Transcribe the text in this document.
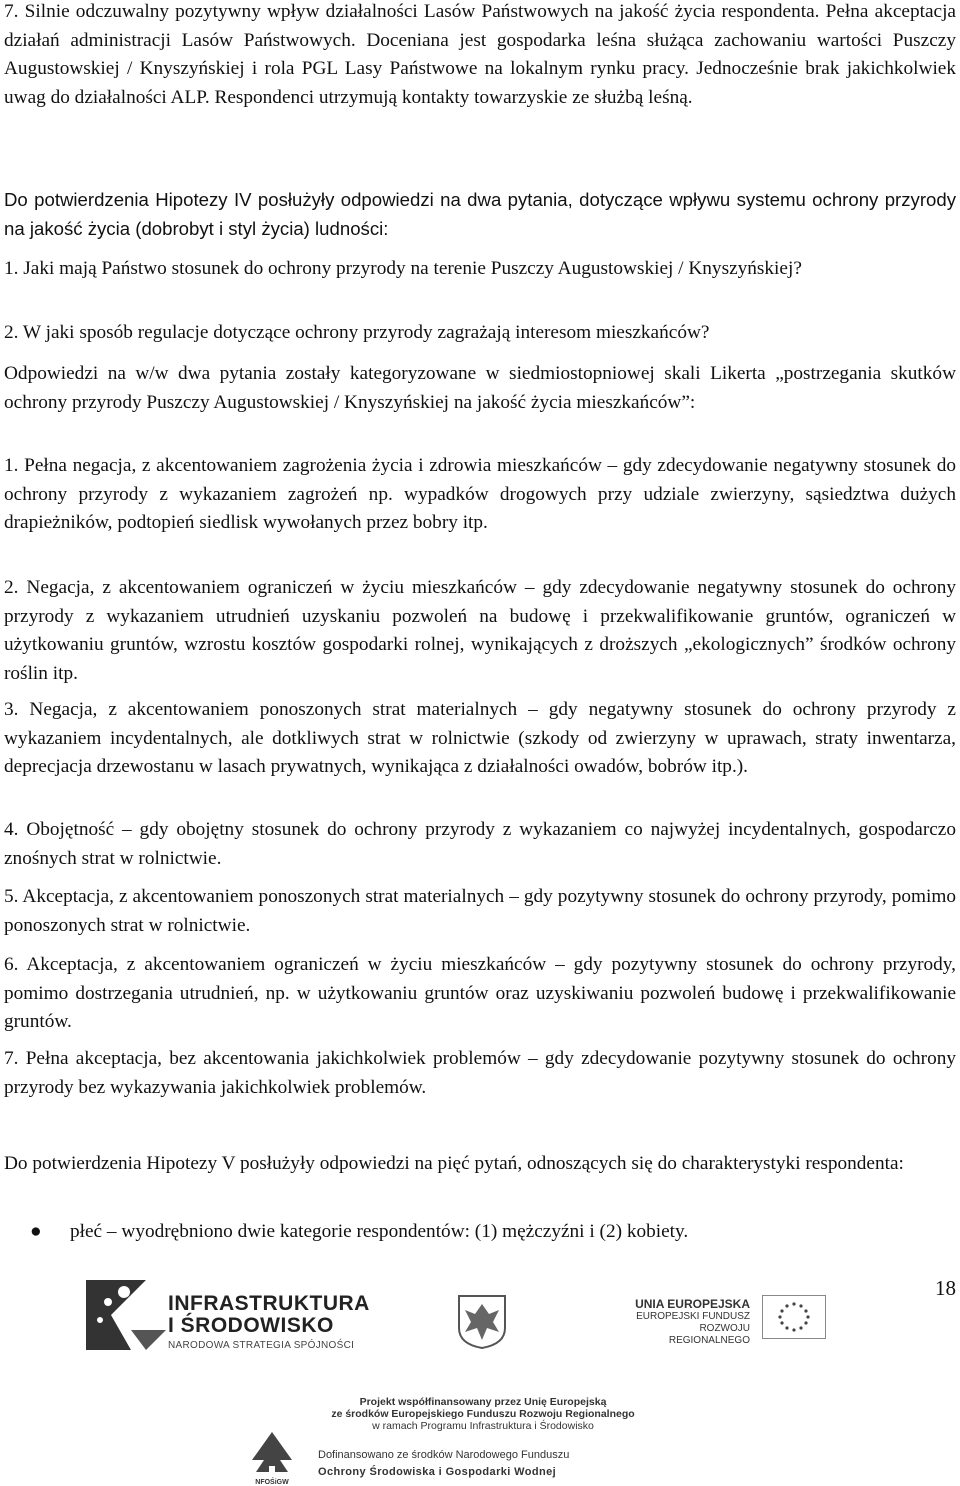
7. Silnie odczuwalny pozytywny wpływ działalności Lasów Państwowych na jakość życia respondenta. Pełna akceptacja działań administracji Lasów Państwowych. Doceniana jest gospodarka leśna służąca zachowaniu wartości Puszczy Augustowskiej / Knyszyńskiej i rola PGL Lasy Państwowe na lokalnym rynku pracy. Jednocześnie brak jakichkolwiek uwag do działalności ALP. Respondenci utrzymują kontakty towarzyskie ze służbą leśną.

Do potwierdzenia Hipotezy IV posłużyły odpowiedzi na dwa pytania, dotyczące wpływu systemu ochrony przyrody na jakość życia (dobrobyt i styl życia) ludności:

1. Jaki mają Państwo stosunek do ochrony przyrody na terenie Puszczy Augustowskiej / Knyszyńskiej?

2. W jaki sposób regulacje dotyczące ochrony przyrody zagrażają interesom mieszkańców?

Odpowiedzi na w/w dwa pytania zostały kategoryzowane w siedmiostopniowej skali Likerta „postrzegania skutków ochrony przyrody Puszczy Augustowskiej / Knyszyńskiej na jakość życia mieszkańców”:

1. Pełna negacja, z akcentowaniem zagrożenia życia i zdrowia mieszkańców – gdy zdecydowanie negatywny stosunek do ochrony przyrody z wykazaniem zagrożeń np. wypadków drogowych przy udziale zwierzyny, sąsiedztwa dużych drapieżników, podtopień siedlisk wywołanych przez bobry itp.

2. Negacja, z akcentowaniem ograniczeń w życiu mieszkańców – gdy zdecydowanie negatywny stosunek do ochrony przyrody z wykazaniem utrudnień uzyskaniu pozwoleń na budowę i przekwalifikowanie gruntów, ograniczeń w użytkowaniu gruntów, wzrostu kosztów gospodarki rolnej, wynikających z droższych „ekologicznych” środków ochrony roślin itp.

3. Negacja, z akcentowaniem ponoszonych strat materialnych – gdy negatywny stosunek do ochrony przyrody z wykazaniem incydentalnych, ale dotkliwych strat w rolnictwie (szkody od zwierzyny w uprawach, straty inwentarza, deprecjacja drzewostanu w lasach prywatnych, wynikająca z działalności owadów, bobrów itp.).

4. Obojętność – gdy obojętny stosunek do ochrony przyrody z wykazaniem co najwyżej incydentalnych, gospodarczo znośnych strat w rolnictwie.

5. Akceptacja, z akcentowaniem ponoszonych strat materialnych – gdy pozytywny stosunek do ochrony przyrody, pomimo ponoszonych strat w rolnictwie.

6. Akceptacja, z akcentowaniem ograniczeń w życiu mieszkańców – gdy pozytywny stosunek do ochrony przyrody, pomimo dostrzegania utrudnień, np. w użytkowaniu gruntów oraz uzyskiwaniu pozwoleń budowę i przekwalifikowanie gruntów.

7. Pełna akceptacja, bez akcentowania jakichkolwiek problemów – gdy zdecydowanie pozytywny stosunek do ochrony przyrody bez wykazywania jakichkolwiek problemów.

Do potwierdzenia Hipotezy V posłużyły odpowiedzi na pięć pytań, odnoszących się do charakterystyki respondenta:

●	płeć – wyodrębniono dwie kategorie respondentów: (1) mężczyźni i (2) kobiety.
18
INFRASTRUKTURA
I ŚRODOWISKO
NARODOWA STRATEGIA SPÓJNOŚCI
UNIA EUROPEJSKA
EUROPEJSKI FUNDUSZ
ROZWOJU REGIONALNEGO
Projekt współfinansowany przez Unię Europejską
ze środków Europejskiego Funduszu Rozwoju Regionalnego
w ramach Programu Infrastruktura i Środowisko
NFOŚiGW
Dofinansowano ze środków Narodowego Funduszu
Ochrony Środowiska i Gospodarki Wodnej
